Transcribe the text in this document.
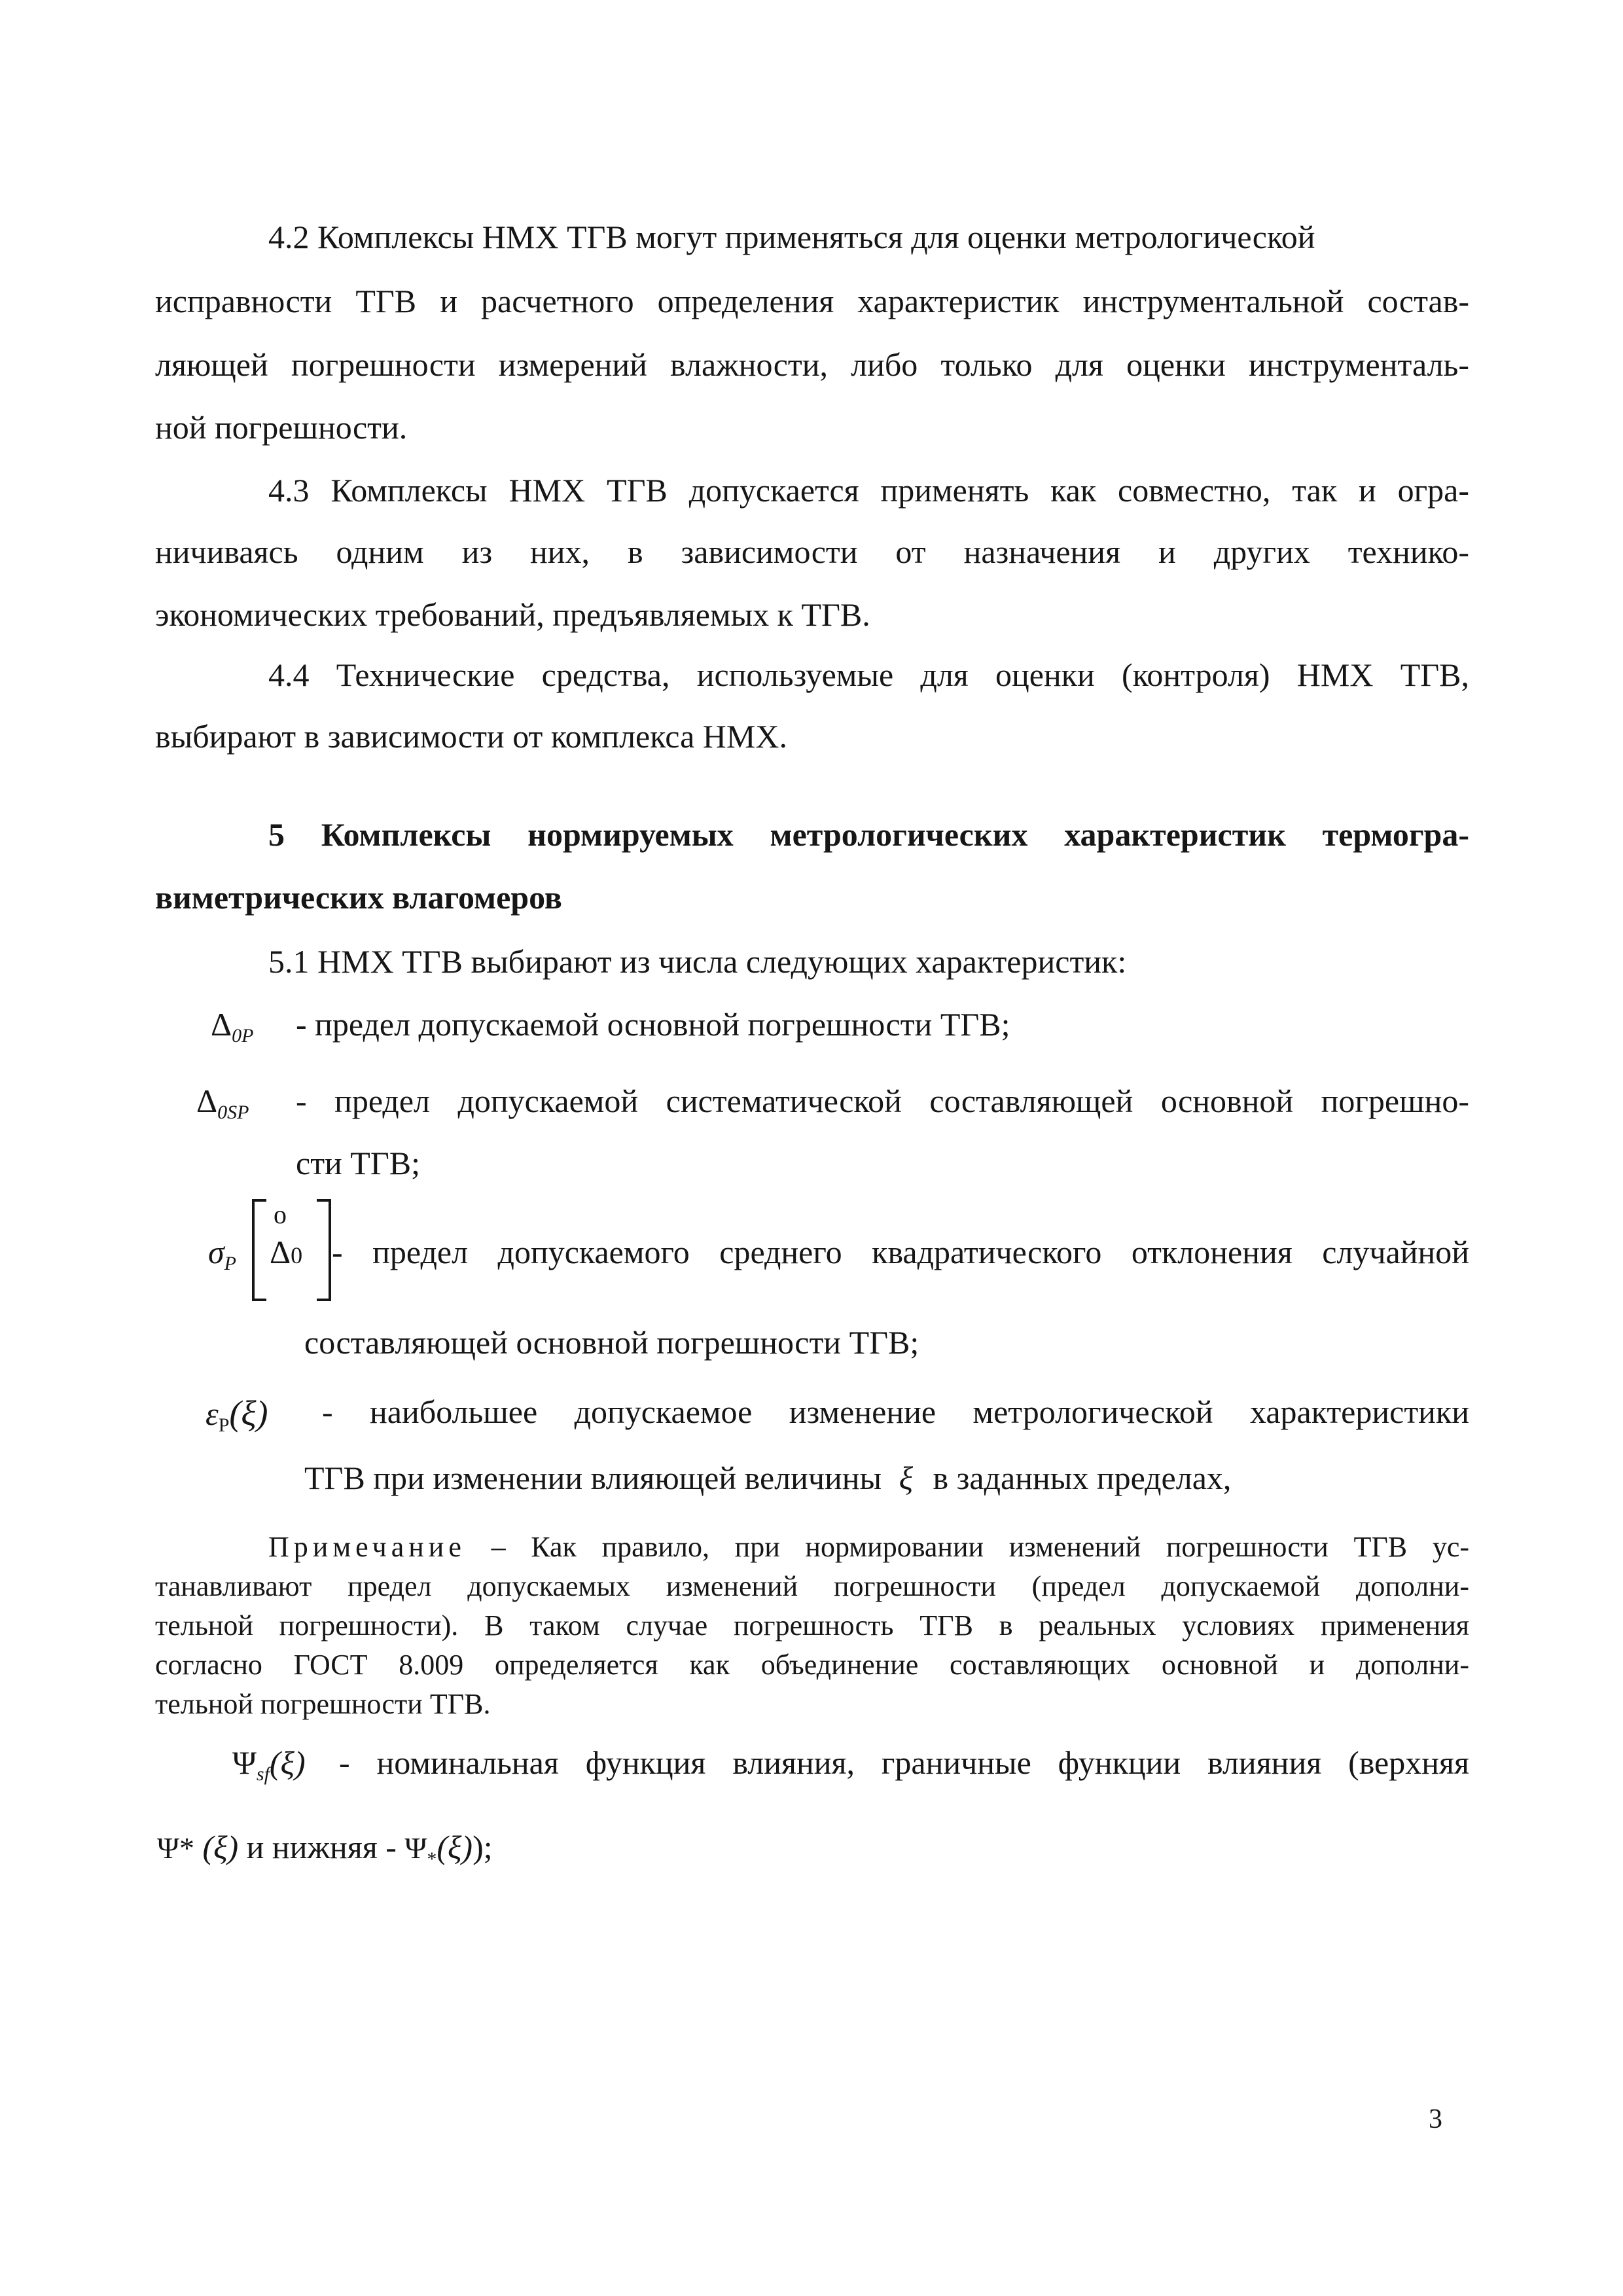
4.2 Комплексы НМХ ТГВ могут применяться для оценки метрологической
исправности ТГВ и расчетного определения характеристик инструментальной состав-
ляющей погрешности измерений влажности, либо только для оценки инструменталь-
ной погрешности.
4.3 Комплексы НМХ ТГВ допускается применять как совместно, так и огра-
ничиваясь одним из них, в зависимости от назначения и других технико-
экономических требований, предъявляемых к ТГВ.
4.4 Технические средства, используемые для оценки (контроля) НМХ ТГВ,
выбирают в зависимости от комплекса НМХ.
5 Комплексы нормируемых метрологических характеристик термогра-
виметрических влагомеров
5.1 НМХ ТГВ выбирают из числа следующих характеристик:
$\Delta_{0P}$ - предел допускаемой основной погрешности ТГВ;
$\Delta_{0SP}$ - предел допускаемой систематической составляющей основной погрешно-
сти ТГВ;
$\sigma_P$
о
Δ0 - предел допускаемого среднего квадратического отклонения случайной
составляющей основной погрешности ТГВ;
$\varepsilon_P(\xi)$ - наибольшее допускаемое изменение метрологической характеристики
ТГВ при изменении влияющей величины ξ в заданных пределах,
Примечание – Как правило, при нормировании изменений погрешности ТГВ ус-
танавливают предел допускаемых изменений погрешности (предел допускаемой дополни-
тельной погрешности). В таком случае погрешность ТГВ в реальных условиях применения
согласно ГОСТ 8.009 определяется как объединение составляющих основной и дополни-
тельной погрешности ТГВ.
$\Psi_{sf}(\xi)$ - номинальная функция влияния, граничные функции влияния (верхняя
Ψ* (ξ) и нижняя - $\Psi_*(\xi)$);
3
